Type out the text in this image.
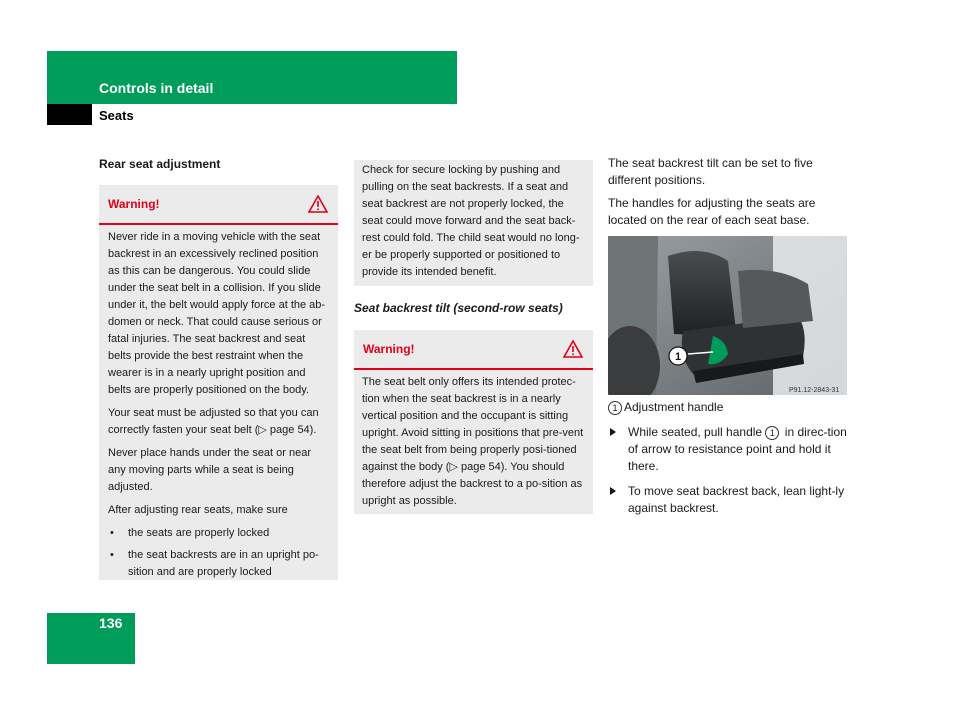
Controls in detail
Seats
Rear seat adjustment
Warning!

Never ride in a moving vehicle with the seat backrest in an excessively reclined position as this can be dangerous. You could slide under the seat belt in a collision. If you slide under it, the belt would apply force at the ab-domen or neck. That could cause serious or fatal injuries. The seat backrest and seat belts provide the best restraint when the wearer is in a nearly upright position and belts are properly positioned on the body.

Your seat must be adjusted so that you can correctly fasten your seat belt (▷ page 54).

Never place hands under the seat or near any moving parts while a seat is being adjusted.

After adjusting rear seats, make sure

• the seats are properly locked
• the seat backrests are in an upright po-sition and are properly locked

Check for secure locking by pushing and pulling on the seat backrests. If a seat and seat backrest are not properly locked, the seat could move forward and the seat back-rest could fold. The child seat would no long-er be properly supported or positioned to provide its intended benefit.

Seat backrest tilt (second-row seats)
Warning!

The seat belt only offers its intended protec-tion when the seat backrest is in a nearly vertical position and the occupant is sitting upright. Avoid sitting in positions that pre-vent the seat belt from being properly posi-tioned against the body (▷ page 54). You should therefore adjust the backrest to a po-sition as upright as possible.

The seat backrest tilt can be set to five different positions.

The handles for adjusting the seats are located on the rear of each seat base.

1
P91.12-2843-31

1 Adjustment handle

While seated, pull handle 1 in direc-tion of arrow to resistance point and hold it there.
To move seat backrest back, lean light-ly against backrest.
136
